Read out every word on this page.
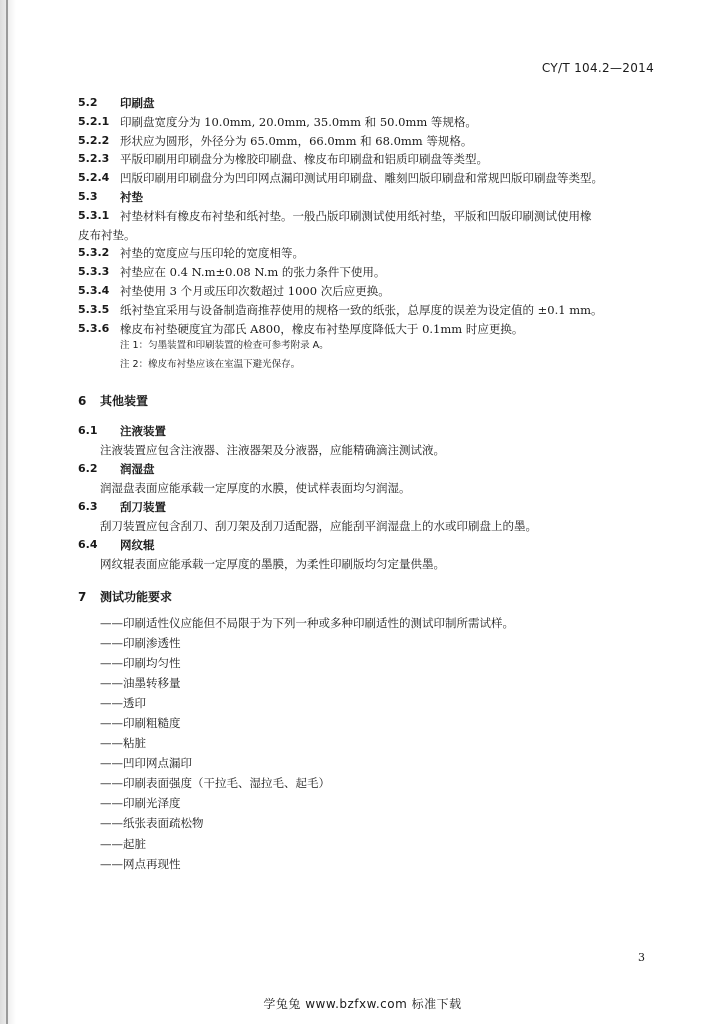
CY/T 104.2—2014
5.2	印刷盘
5.2.1 印刷盘宽度分为 10.0mm, 20.0mm, 35.0mm 和 50.0mm 等规格。
5.2.2 形状应为圆形，外径分为 65.0mm，66.0mm 和 68.0mm 等规格。
5.2.3 平版印刷用印刷盘分为橡胶印刷盘、橡皮布印刷盘和铝质印刷盘等类型。
5.2.4 凹版印刷用印刷盘分为凹印网点漏印测试用印刷盘、雕刻凹版印刷盘和常规凹版印刷盘等类型。
5.3	衬垫
5.3.1 衬垫材料有橡皮布衬垫和纸衬垫。一般凸版印刷测试使用纸衬垫，平版和凹版印刷测试使用橡
皮布衬垫。
5.3.2 衬垫的宽度应与压印轮的宽度相等。
5.3.3 衬垫应在 0.4 N.m±0.08 N.m 的张力条件下使用。
5.3.4 衬垫使用 3 个月或压印次数超过 1000 次后应更换。
5.3.5 纸衬垫宜采用与设备制造商推荐使用的规格一致的纸张，总厚度的误差为设定值的 ±0.1 mm。
5.3.6 橡皮布衬垫硬度宜为邵氏 A800，橡皮布衬垫厚度降低大于 0.1mm 时应更换。
注 1：匀墨装置和印刷装置的检查可参考附录 A。
注 2：橡皮布衬垫应该在室温下避光保存。
6 其他装置
6.1	注液装置
注液装置应包含注液器、注液器架及分液器，应能精确滴注测试液。
6.2	润湿盘
润湿盘表面应能承载一定厚度的水膜，使试样表面均匀润湿。
6.3	刮刀装置
刮刀装置应包含刮刀、刮刀架及刮刀适配器，应能刮平润湿盘上的水或印刷盘上的墨。
6.4	网纹辊
网纹辊表面应能承载一定厚度的墨膜，为柔性印刷版均匀定量供墨。
7 测试功能要求
——印刷适性仪应能但不局限于为下列一种或多种印刷适性的测试印制所需试样。
——印刷渗透性
——印刷均匀性
——油墨转移量
——透印
——印刷粗糙度
——粘脏
——凹印网点漏印
——印刷表面强度（干拉毛、湿拉毛、起毛）
——印刷光泽度
——纸张表面疏松物
——起脏
——网点再现性
3
学兔兔 www.bzfxw.com 标准下载
